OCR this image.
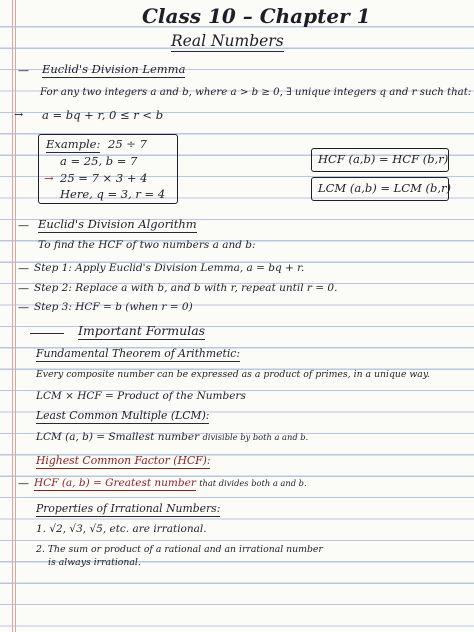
Class 10 – Chapter 1
Real Numbers
— Euclid's Division Lemma
For any two integers a and b, where a > b ≥ 0, ∃ unique integers q and r such that:
→ a = bq + r, 0 ≤ r < b
Example: 25 ÷ 7
a = 25, b = 7
→ 25 = 7 × 3 + 4
Here, q = 3, r = 4
HCF (a,b) = HCF (b,r)
LCM (a,b) = LCM (b,r)
— Euclid's Division Algorithm
To find the HCF of two numbers a and b:
— Step 1: Apply Euclid's Division Lemma, a = bq + r.
— Step 2: Replace a with b, and b with r, repeat until r = 0.
— Step 3: HCF = b (when r = 0)
Important Formulas
Fundamental Theorem of Arithmetic:
Every composite number can be expressed as a product of primes, in a unique way.
LCM × HCF = Product of the Numbers
Least Common Multiple (LCM):
LCM (a, b) = Smallest number divisible by both a and b.
Highest Common Factor (HCF):
— HCF (a, b) = Greatest number that divides both a and b.
Properties of Irrational Numbers:
1. √2, √3, √5, etc. are irrational.
2. The sum or product of a rational and an irrational number
is always irrational.
